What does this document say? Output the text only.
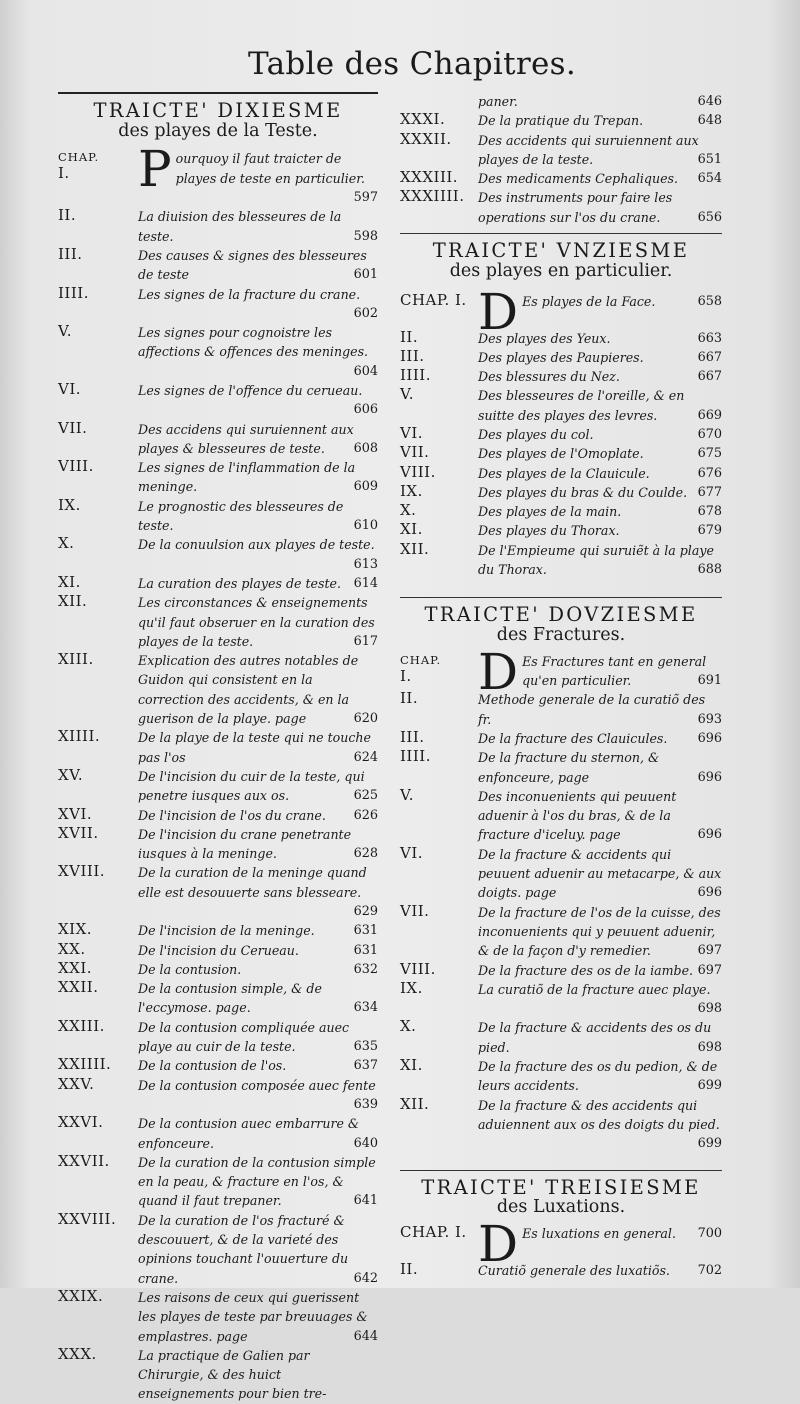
Table des Chapitres.
TRAICTE' DIXIESME
des playes de la Teste.
CHAP.
I.	Pourquoy il faut traicter de playes de teste en particulier.
597
II.	La diuision des blesseures de la teste.	598
III.	Des causes & signes des blesseures de teste	601
IIII.	Les signes de la fracture du crane.
602
V.	Les signes pour cognoistre les affections & offences des meninges.
604
VI.	Les signes de l'offence du cerueau.
606
VII.	Des accidens qui suruiennent aux playes & blesseures de teste.	608
VIII.	Les signes de l'inflammation de la meninge.	609
IX.	Le prognostic des blesseures de teste.	610
X.	De la conuulsion aux playes de teste.
613
XI.	La curation des playes de teste. 614
XII.	Les circonstances & enseignements qu'il faut obseruer en la curation des playes de la teste.	617
XIII.	Explication des autres notables de Guidon qui consistent en la correction des accidents, & en la guerison de la playe. page	620
XIIII.	De la playe de la teste qui ne touche pas l'os	624
XV.	De l'incision du cuir de la teste, qui penetre iusques aux os.	625
XVI.	De l'incision de l'os du crane.	626
XVII.	De l'incision du crane penetrante iusques à la meninge.	628
XVIII.	De la curation de la meninge quand elle est desouuerte sans blesseare.
629
XIX.	De l'incision de la meninge.	631
XX.	De l'incision du Cerueau.	631
XXI.	De la contusion.	632
XXII.	De la contusion simple, & de l'eccymose. page.	634
XXIII.	De la contusion compliquée auec playe au cuir de la teste.	635
XXIIII.	De la contusion de l'os.	637
XXV.	De la contusion composée auec fente
639
XXVI.	De la contusion auec embarrure & enfonceure.	640
XXVII.	De la curation de la contusion simple en la peau, & fracture en l'os, & quand il faut trepaner.	641
XXVIII.	De la curation de l'os fracturé & descouuert, & de la varieté des opinions touchant l'ouuerture du crane.	642
XXIX.	Les raisons de ceux qui guerissent les playes de teste par breuuages & emplastres. page	644
XXX.	La practique de Galien par Chirurgie, & des huict enseignements pour bien tre-
paner.	646
XXXI.	De la pratique du Trepan.	648
XXXII.	Des accidents qui suruiennent aux playes de la teste.	651
XXXIII.	Des medicaments Cephaliques.	654
XXXIIII.	Des instruments pour faire les operations sur l'os du crane.	656
TRAICTE' VNZIESME
des playes en particulier.
CHAP. I. D Es playes de la Face.	658
II.	Des playes des Yeux.	663
III.	Des playes des Paupieres.	667
IIII.	Des blessures du Nez.	667
V.	Des blesseures de l'oreille, & en suitte des playes des levres.	669
VI.	Des playes du col.	670
VII.	Des playes de l'Omoplate.	675
VIII.	Des playes de la Clauicule.	676
IX.	Des playes du bras & du Coulde. 677
X.	Des playes de la main.	678
XI.	Des playes du Thorax.	679
XII.	De l'Empieume qui suruiẽt à la playe du Thorax.	688
TRAICTE' DOVZIESME
des Fractures.
CHAP.
I.	D Es Fractures tant en general qu'en particulier.	691
II.	Methode generale de la curatiõ des fr.	693
III.	De la fracture des Clauicules.	696
IIII.	De la fracture du sternon, & enfonceure, page	696
V.	Des inconuenients qui peuuent aduenir à l'os du bras, & de la fracture d'iceluy. page	696
VI.	De la fracture & accidents qui peuuent aduenir au metacarpe, & aux doigts. page	696
VII.	De la fracture de l'os de la cuisse, des inconuenients qui y peuuent aduenir, & de la façon d'y remedier.	697
VIII.	De la fracture des os de la iambe. 697
IX.	La curatiõ de la fracture auec playe.
698
X.	De la fracture & accidents des os du pied.	698
XI.	De la fracture des os du pedion, & de leurs accidents.	699
XII.	De la fracture & des accidents qui aduiennent aux os des doigts du pied.
699
TRAICTE' TREISIESME
des Luxations.
CHAP. I. D Es luxations en general.	700
II.	Curatiõ generale des luxatiõs.	702
